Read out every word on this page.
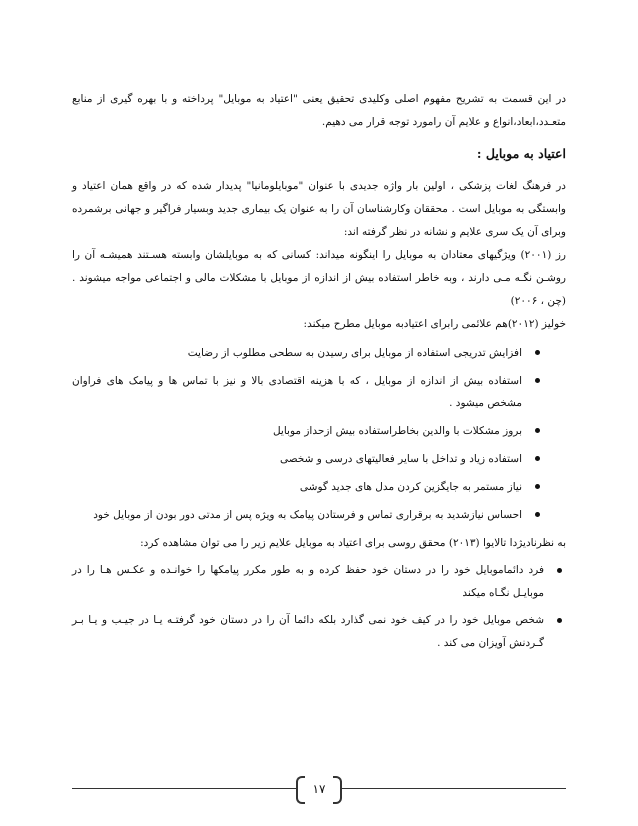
در این قسمت به تشریح مفهوم اصلی وکلیدی تحقیق یعنی "اعتیاد به موبایل" پرداخته و با بهره گیری از منابع متعـدد،ابعاد،انواع و علایم آن رامورد توجه قرار می دهیم.

اعتیاد به موبایل :

در فرهنگ لغات پزشکی ، اولین بار واژه جدیدی با عنوان "موبایلومانیا" پدیدار شده که در واقع همان اعتیاد و وابستگی به موبایل است . محققان وکارشناسان آن را به عنوان یک بیماری جدید وبسیار فراگیر و جهانی برشمرده وبرای آن یک سری علایم و نشانه در نظر گرفته اند:

رز (۲۰۰۱) ویژگیهای معتادان به موبایل را اینگونه میداند: کسانی که به موبایلشان وابسته هسـتند همیشـه آن را روشـن نگـه مـی دارند ، وبه خاطر استفاده بیش از اندازه از موبایل با مشکلات مالی و اجتماعی مواجه میشوند . (چن ، ۲۰۰۶)

خولیز (۲۰۱۲)هم علائمی رابرای اعتیادبه موبایل مطرح میکند:

افزایش تدریجی استفاده از موبایل برای رسیدن به سطحی مطلوب از رضایت
استفاده بیش از اندازه از موبایل ، که با هزینه اقتصادی بالا و نیز با تماس ها و پیامک های فراوان مشخص میشود .
بروز مشکلات با والدین بخاطراستفاده بیش ازحداز موبایل
استفاده زیاد و تداخل با سایر فعالیتهای درسی و شخصی
نیاز مستمر به جایگزین کردن مدل های جدید گوشی
احساس نیازشدید به برقراری تماس و فرستادن پیامک به ویژه پس از مدتی دور بودن از موبایل خود

به نظرنادیژدا تالایوا (۲۰۱۳) محقق روسی برای اعتیاد به موبایل علایم زیر را می توان مشاهده کرد:

فرد دائماموبایل خود را در دستان خود حفظ کرده و به طور مکرر پیامکها را خوانـده و عکـس هـا را در موبایـل نگـاه میکند
شخص موبایل خود را در کیف خود نمی گذارد بلکه دائما آن را در دستان خود گرفتـه یـا در جیـب و یـا بـر گـردنش آویزان می کند .
۱۷
